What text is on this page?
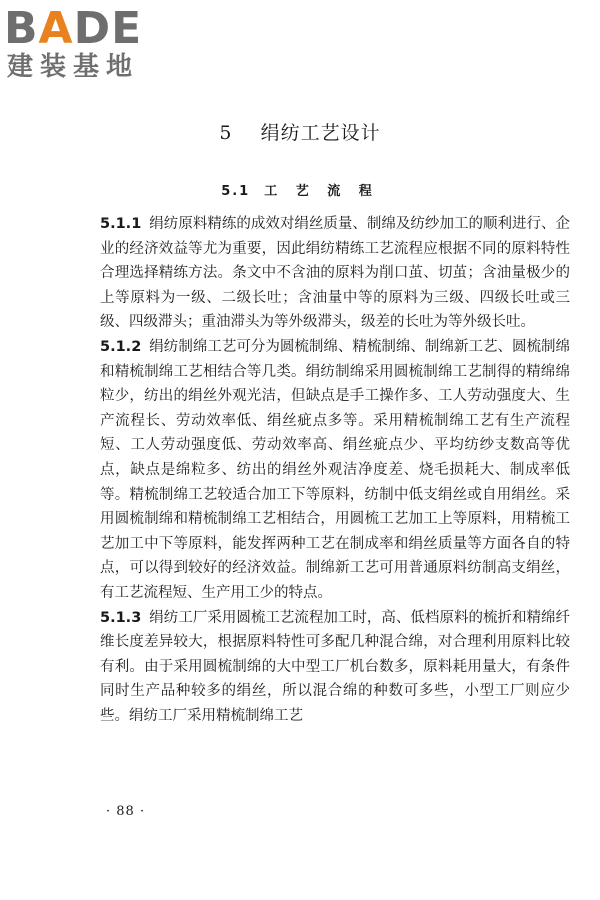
BADE
建装基地
5 绢纺工艺设计
5.1 工 艺 流 程

5.1.1 绢纺原料精练的成效对绢丝质量、制绵及纺纱加工的顺利进行、企业的经济效益等尤为重要，因此绢纺精练工艺流程应根据不同的原料特性合理选择精练方法。条文中不含油的原料为削口茧、切茧；含油量极少的上等原料为一级、二级长吐；含油量中等的原料为三级、四级长吐或三级、四级滞头；重油滞头为等外级滞头，级差的长吐为等外级长吐。

5.1.2 绢纺制绵工艺可分为圆梳制绵、精梳制绵、制绵新工艺、圆梳制绵和精梳制绵工艺相结合等几类。绢纺制绵采用圆梳制绵工艺制得的精绵绵粒少，纺出的绢丝外观光洁，但缺点是手工操作多、工人劳动强度大、生产流程长、劳动效率低、绢丝疵点多等。采用精梳制绵工艺有生产流程短、工人劳动强度低、劳动效率高、绢丝疵点少、平均纺纱支数高等优点，缺点是绵粒多、纺出的绢丝外观洁净度差、烧毛损耗大、制成率低等。精梳制绵工艺较适合加工下等原料，纺制中低支绢丝或自用绢丝。采用圆梳制绵和精梳制绵工艺相结合，用圆梳工艺加工上等原料，用精梳工艺加工中下等原料，能发挥两种工艺在制成率和绢丝质量等方面各自的特点，可以得到较好的经济效益。制绵新工艺可用普通原料纺制高支绢丝，有工艺流程短、生产用工少的特点。

5.1.3 绢纺工厂采用圆梳工艺流程加工时，高、低档原料的梳折和精绵纤维长度差异较大，根据原料特性可多配几种混合绵，对合理利用原料比较有利。由于采用圆梳制绵的大中型工厂机台数多，原料耗用量大，有条件同时生产品种较多的绢丝，所以混合绵的种数可多些，小型工厂则应少些。绢纺工厂采用精梳制绵工艺

· 88 ·
